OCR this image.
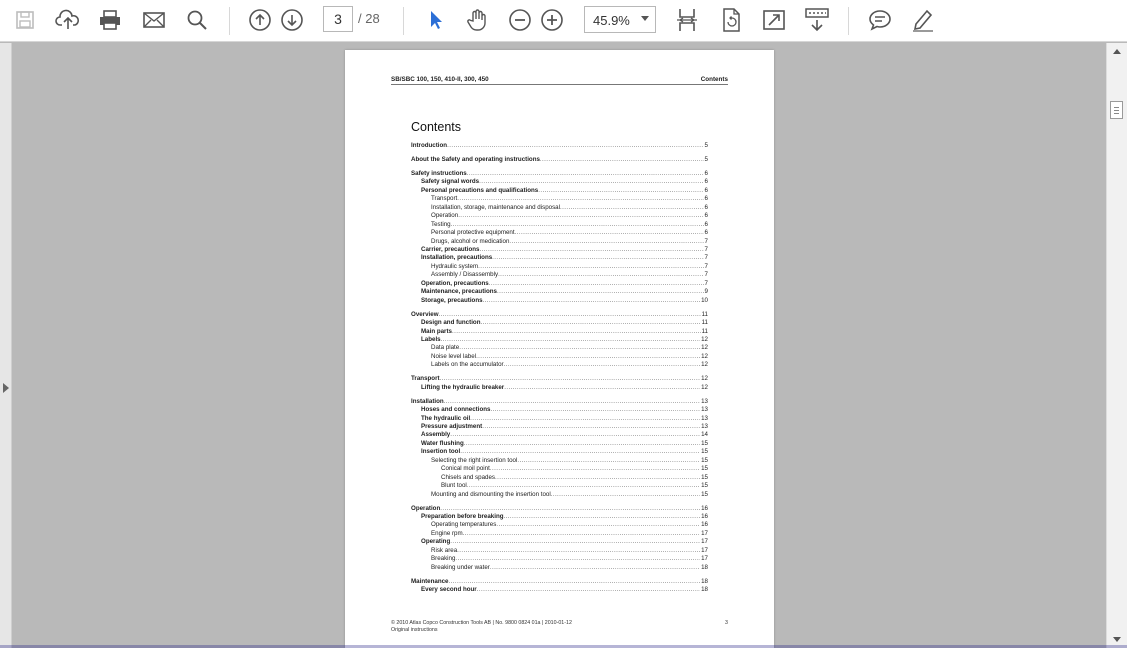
3	/ 28	45.9%
SB/SBC 100, 150, 410-II, 300, 450	Contents
Contents
Introduction .....	5
About the Safety and operating instructions .....	5
Safety instructions .....	6
Safety signal words .....	6
Personal precautions and qualifications .....	6
Transport .....	6
Installation, storage, maintenance and disposal .....	6
Operation .....	6
Testing .....	6
Personal protective equipment .....	6
Drugs, alcohol or medication .....	7
Carrier, precautions .....	7
Installation, precautions .....	7
Hydraulic system .....	7
Assembly / Disassembly .....	7
Operation, precautions .....	7
Maintenance, precautions .....	9
Storage, precautions .....	10
Overview .....	11
Design and function .....	11
Main parts .....	11
Labels .....	12
Data plate .....	12
Noise level label .....	12
Labels on the accumulator .....	12
Transport .....	12
Lifting the hydraulic breaker .....	12
Installation .....	13
Hoses and connections .....	13
The hydraulic oil .....	13
Pressure adjustment .....	13
Assembly .....	14
Water flushing .....	15
Insertion tool .....	15
Selecting the right insertion tool .....	15
Conical moil point .....	15
Chisels and spades .....	15
Blunt tool .....	15
Mounting and dismounting the insertion tool .....	15
Operation .....	16
Preparation before breaking .....	16
Operating temperatures .....	16
Engine rpm .....	17
Operating .....	17
Risk area .....	17
Breaking .....	17
Breaking under water .....	18
Maintenance .....	18
Every second hour .....	18
© 2010 Atlas Copco Construction Tools AB | No. 9800 0824 01a | 2010-01-12
Original instructions
3
